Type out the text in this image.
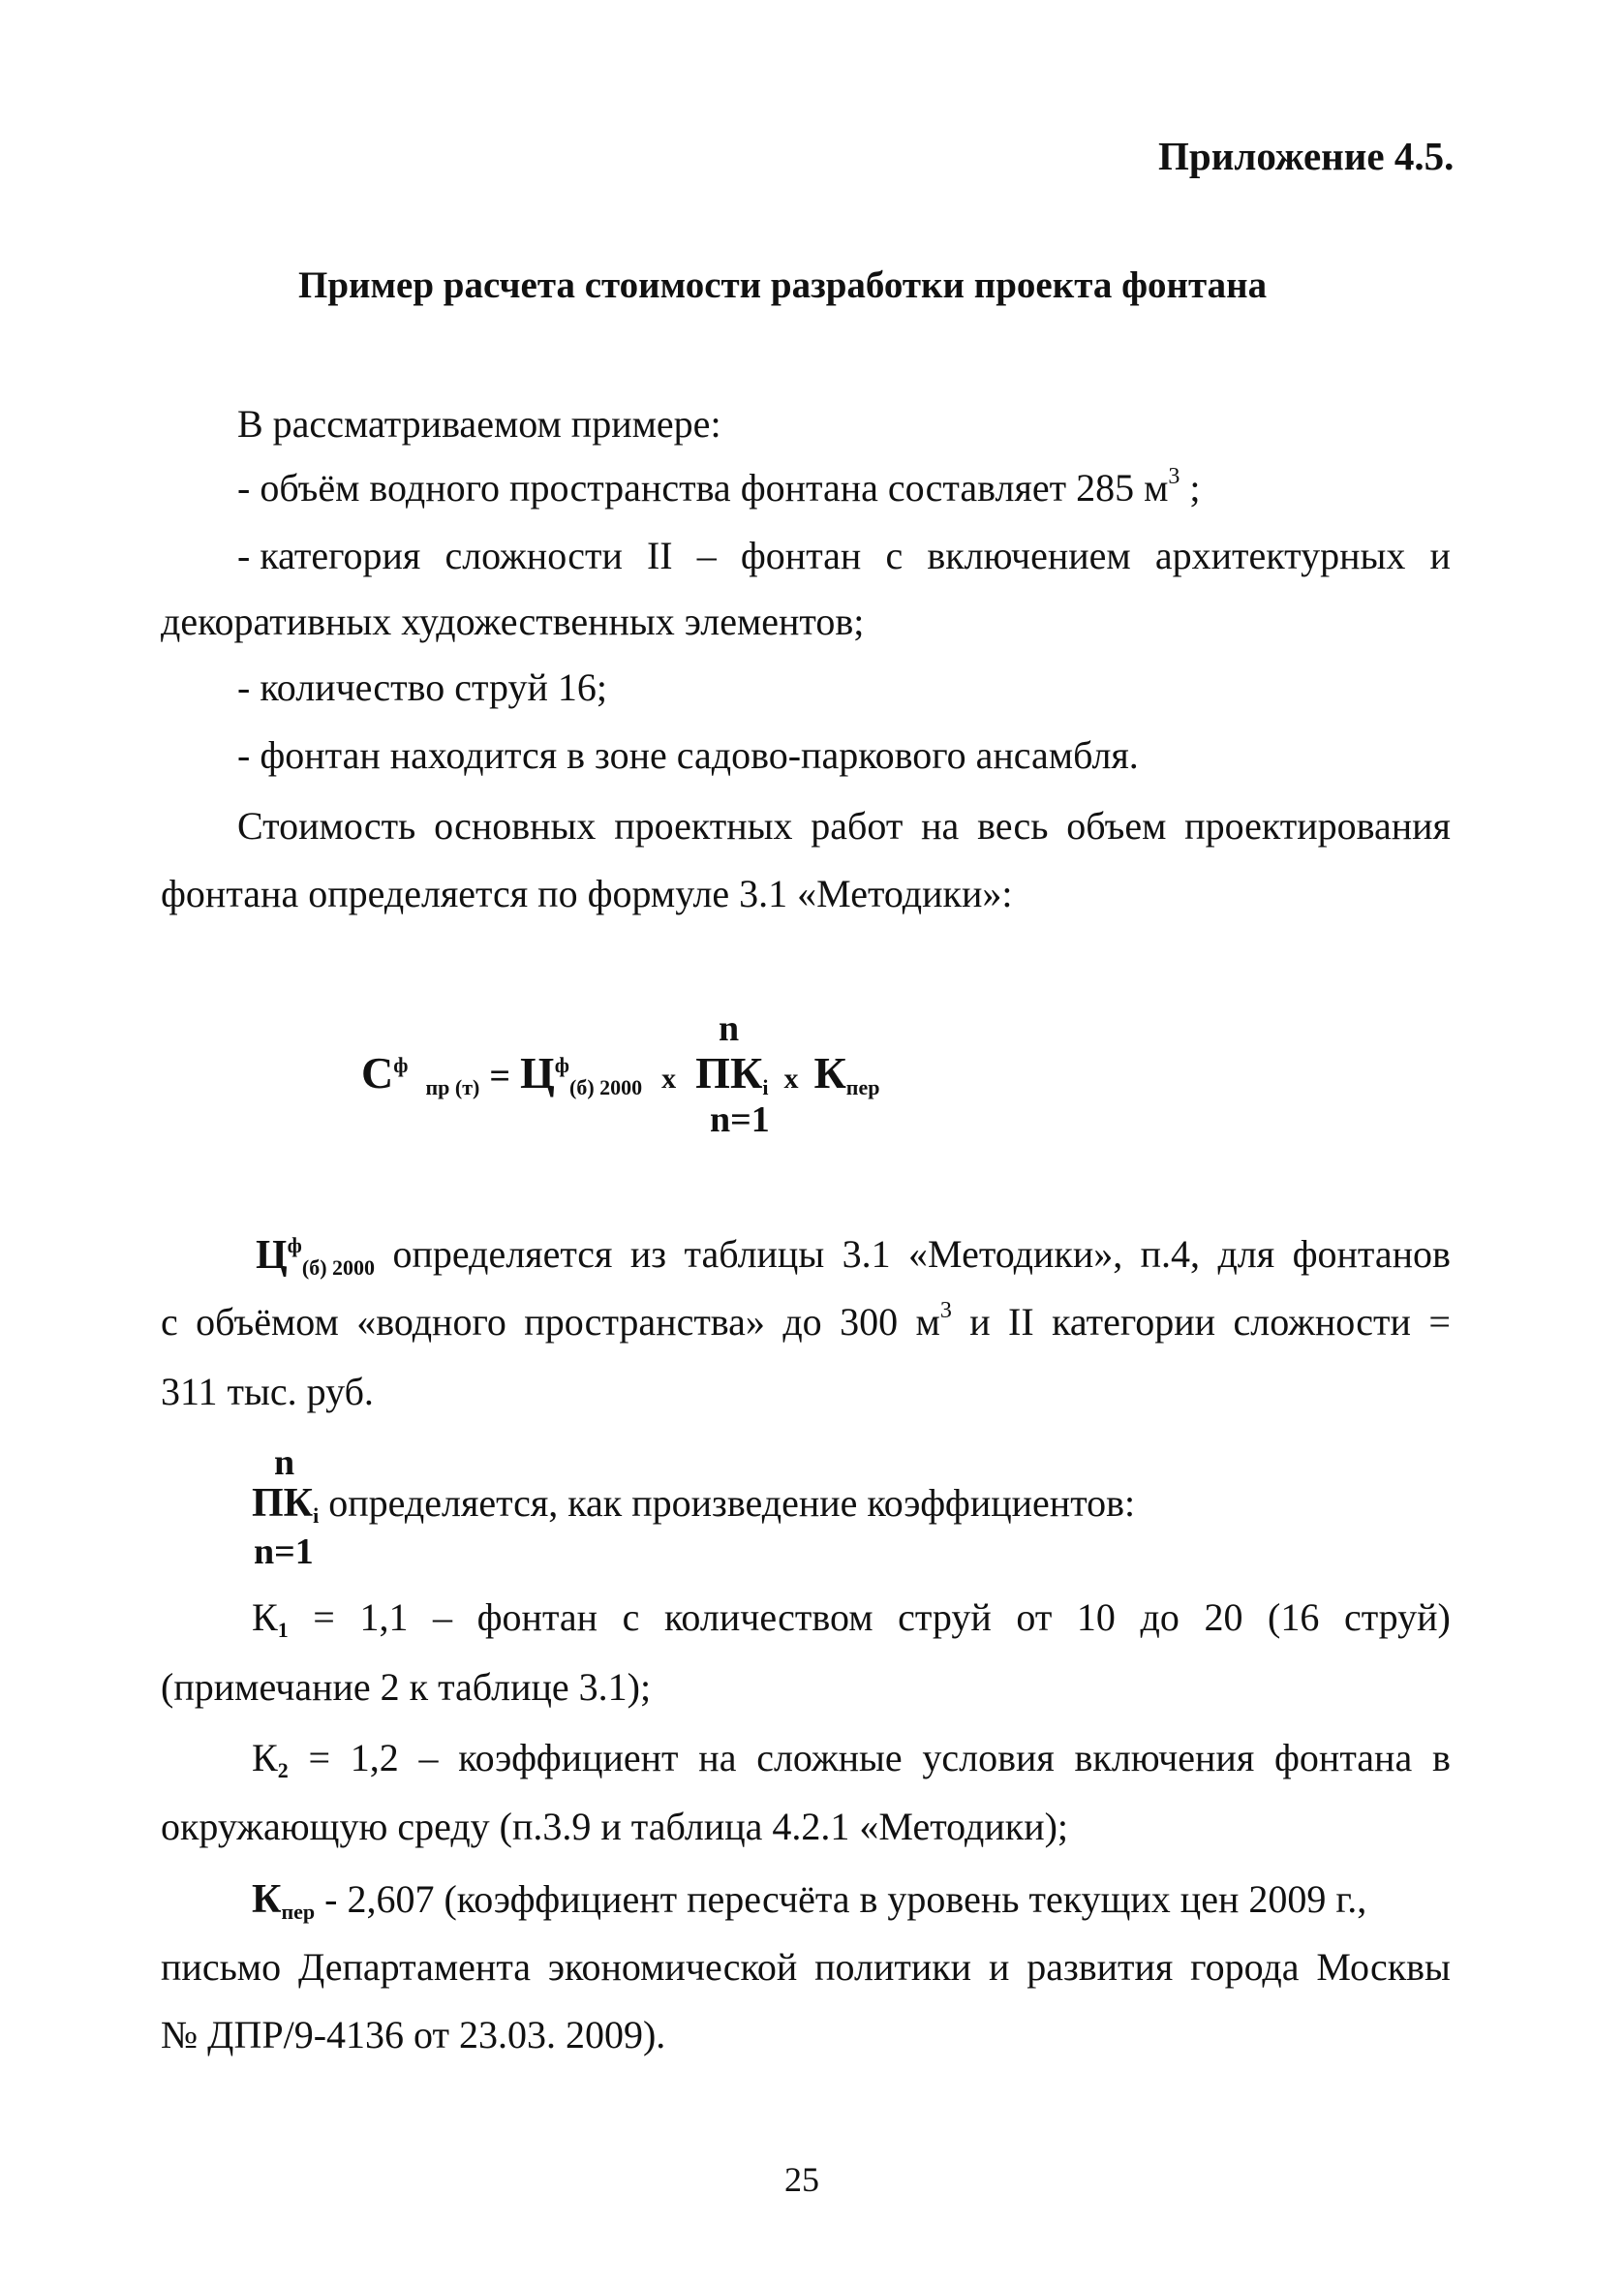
Приложение 4.5.
Пример расчета стоимости разработки проекта фонтана
В рассматриваемом примере:
- объём водного пространства фонтана составляет 285 $м^3$ ;
- категория сложности II – фонтан с включением архитектурных и
декоративных художественных элементов;
- количество струй 16;
- фонтан находится в зоне садово-паркового ансамбля.
Стоимость основных проектных работ на весь объем проектирования
фонтана определяется по формуле 3.1 «Методики»:
n
$С^ф$ пр $(т) = Ц^ф(б)$ 2000 x ПКi x Кпер
n=1
$Ц^ф(б)$ 2000 определяется из таблицы 3.1 «Методики», п.4, для фонтанов
с объёмом «водного пространства» до 300 $м^3$ и II категории сложности =
311 тыс. руб.
n
ПКi определяется, как произведение коэффициентов:
n=1
К1 = 1,1 – фонтан с количеством струй от 10 до 20 (16 струй)
(примечание 2 к таблице 3.1);
К2 = 1,2 – коэффициент на сложные условия включения фонтана в
окружающую среду (п.3.9 и таблица 4.2.1 «Методики);
Кпер - 2,607 (коэффициент пересчёта в уровень текущих цен 2009 г.,
письмо Департамента экономической политики и развития города Москвы
№ ДПР/9-4136 от 23.03. 2009).
25
